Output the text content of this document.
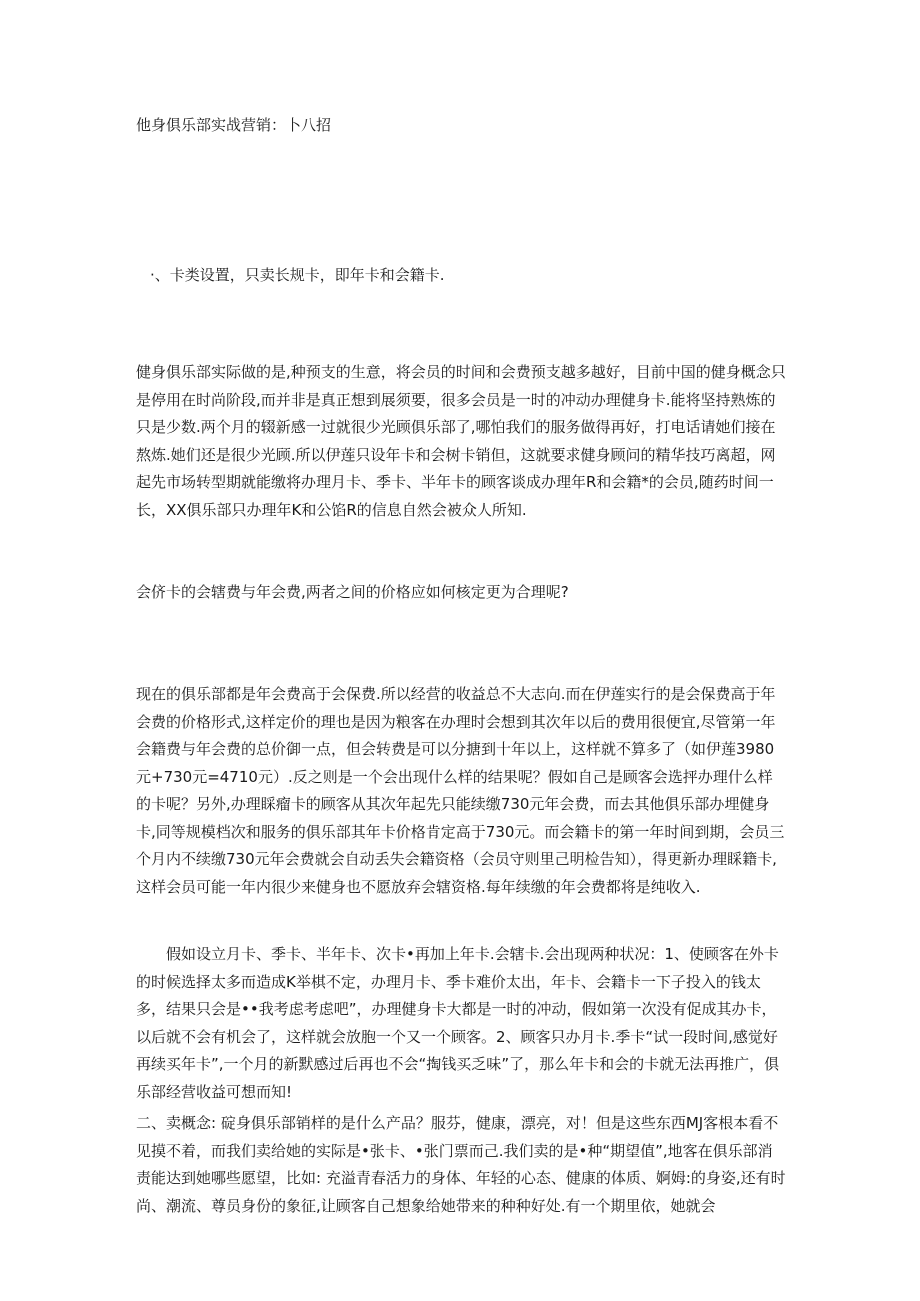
他身俱乐部实战营销：卜八招
·、卡类设置，只卖长规卡，即年卡和会籍卡.
健身俱乐部实际做的是,种预支的生意，将会员的时间和会费预支越多越好，目前中国的健身概念只是停用在时尚阶段,而并非是真正想到展须要，很多会员是一时的冲动办理健身卡.能将坚持熟炼的只是少数.两个月的辍新感一过就很少光顾俱乐部了,哪怕我们的服务做得再好，打电话请她们接在熬炼.她们还是很少光顾.所以伊莲只设年卡和会树卡销但，这就要求健身顾问的精华技巧离超，网起先市场转型期就能缴将办理月卡、季卡、半年卡的顾客谈成办理年R和会籍*的会员,随药时间一长，XX俱乐部只办理年K和公馅R的信息自然会被众人所知.
会侪卡的会辖费与年会费,两者之间的价格应如何核定更为合理呢?
现在的俱乐部都是年会费高于会保费.所以经营的收益总不大志向.而在伊莲实行的是会保费高于年会费的价格形式,这样定价的理也是因为粮客在办理时会想到其次年以后的费用很便宜,尽管第一年会籍费与年会费的总价御一点，但会转费是可以分搪到十年以上，这样就不算多了（如伊莲3980元+730元=4710元）.反之则是一个会出现什么样的结果呢？假如自己是顾客会选抨办理什么样的卡呢？另外,办理睬瘤卡的顾客从其次年起先只能续缴730元年会费，而去其他俱乐部办埋健身卡,同等规模档次和服务的俱乐部其年卡价格肯定高于730元。而会籍卡的第一年时间到期，会员三个月内不续缴730元年会费就会自动丢失会籍资格（会员守则里己明检告知），得更新办理睬籍卡,这样会员可能一年内很少来健身也不愿放弃会辖资格.每年续缴的年会费都将是纯收入.
假如设立月卡、季卡、半年卡、次卡•再加上年卡.会辖卡.会出现两种状况：1、使顾客在外卡的时候选择太多而造成K举棋不定，办理月卡、季卡难价太出，年卡、会籍卡一下子投入的钱太多，结果只会是••我考虑考虑吧”，办理健身卡大都是一时的冲动，假如第一次没有促成其办卡，以后就不会有机会了，这样就会放胞一个又一个顾客。2、顾客只办月卡.季卡“试一段时间,感觉好再续买年卡”,一个月的新默感过后再也不会“掏钱买乏味”了，那么年卡和会的卡就无法再推广，俱乐部经营收益可想而知!
二、卖概念: 碇身俱乐部销样的是什么产品？服芬，健康，漂亮，对！但是这些东西MJ客根本看不见摸不着，而我们卖给她的实际是•张卡、•张门票而己.我们卖的是•种“期望值”,地客在俱乐部消责能达到她哪些愿望，比如: 充溢青春活力的身体、年轻的心态、健康的体质、婀姆:的身姿,还有时尚、潮流、尊员身份的象征,让顾客自己想象给她带来的种种好处.有一个期里依，她就会
